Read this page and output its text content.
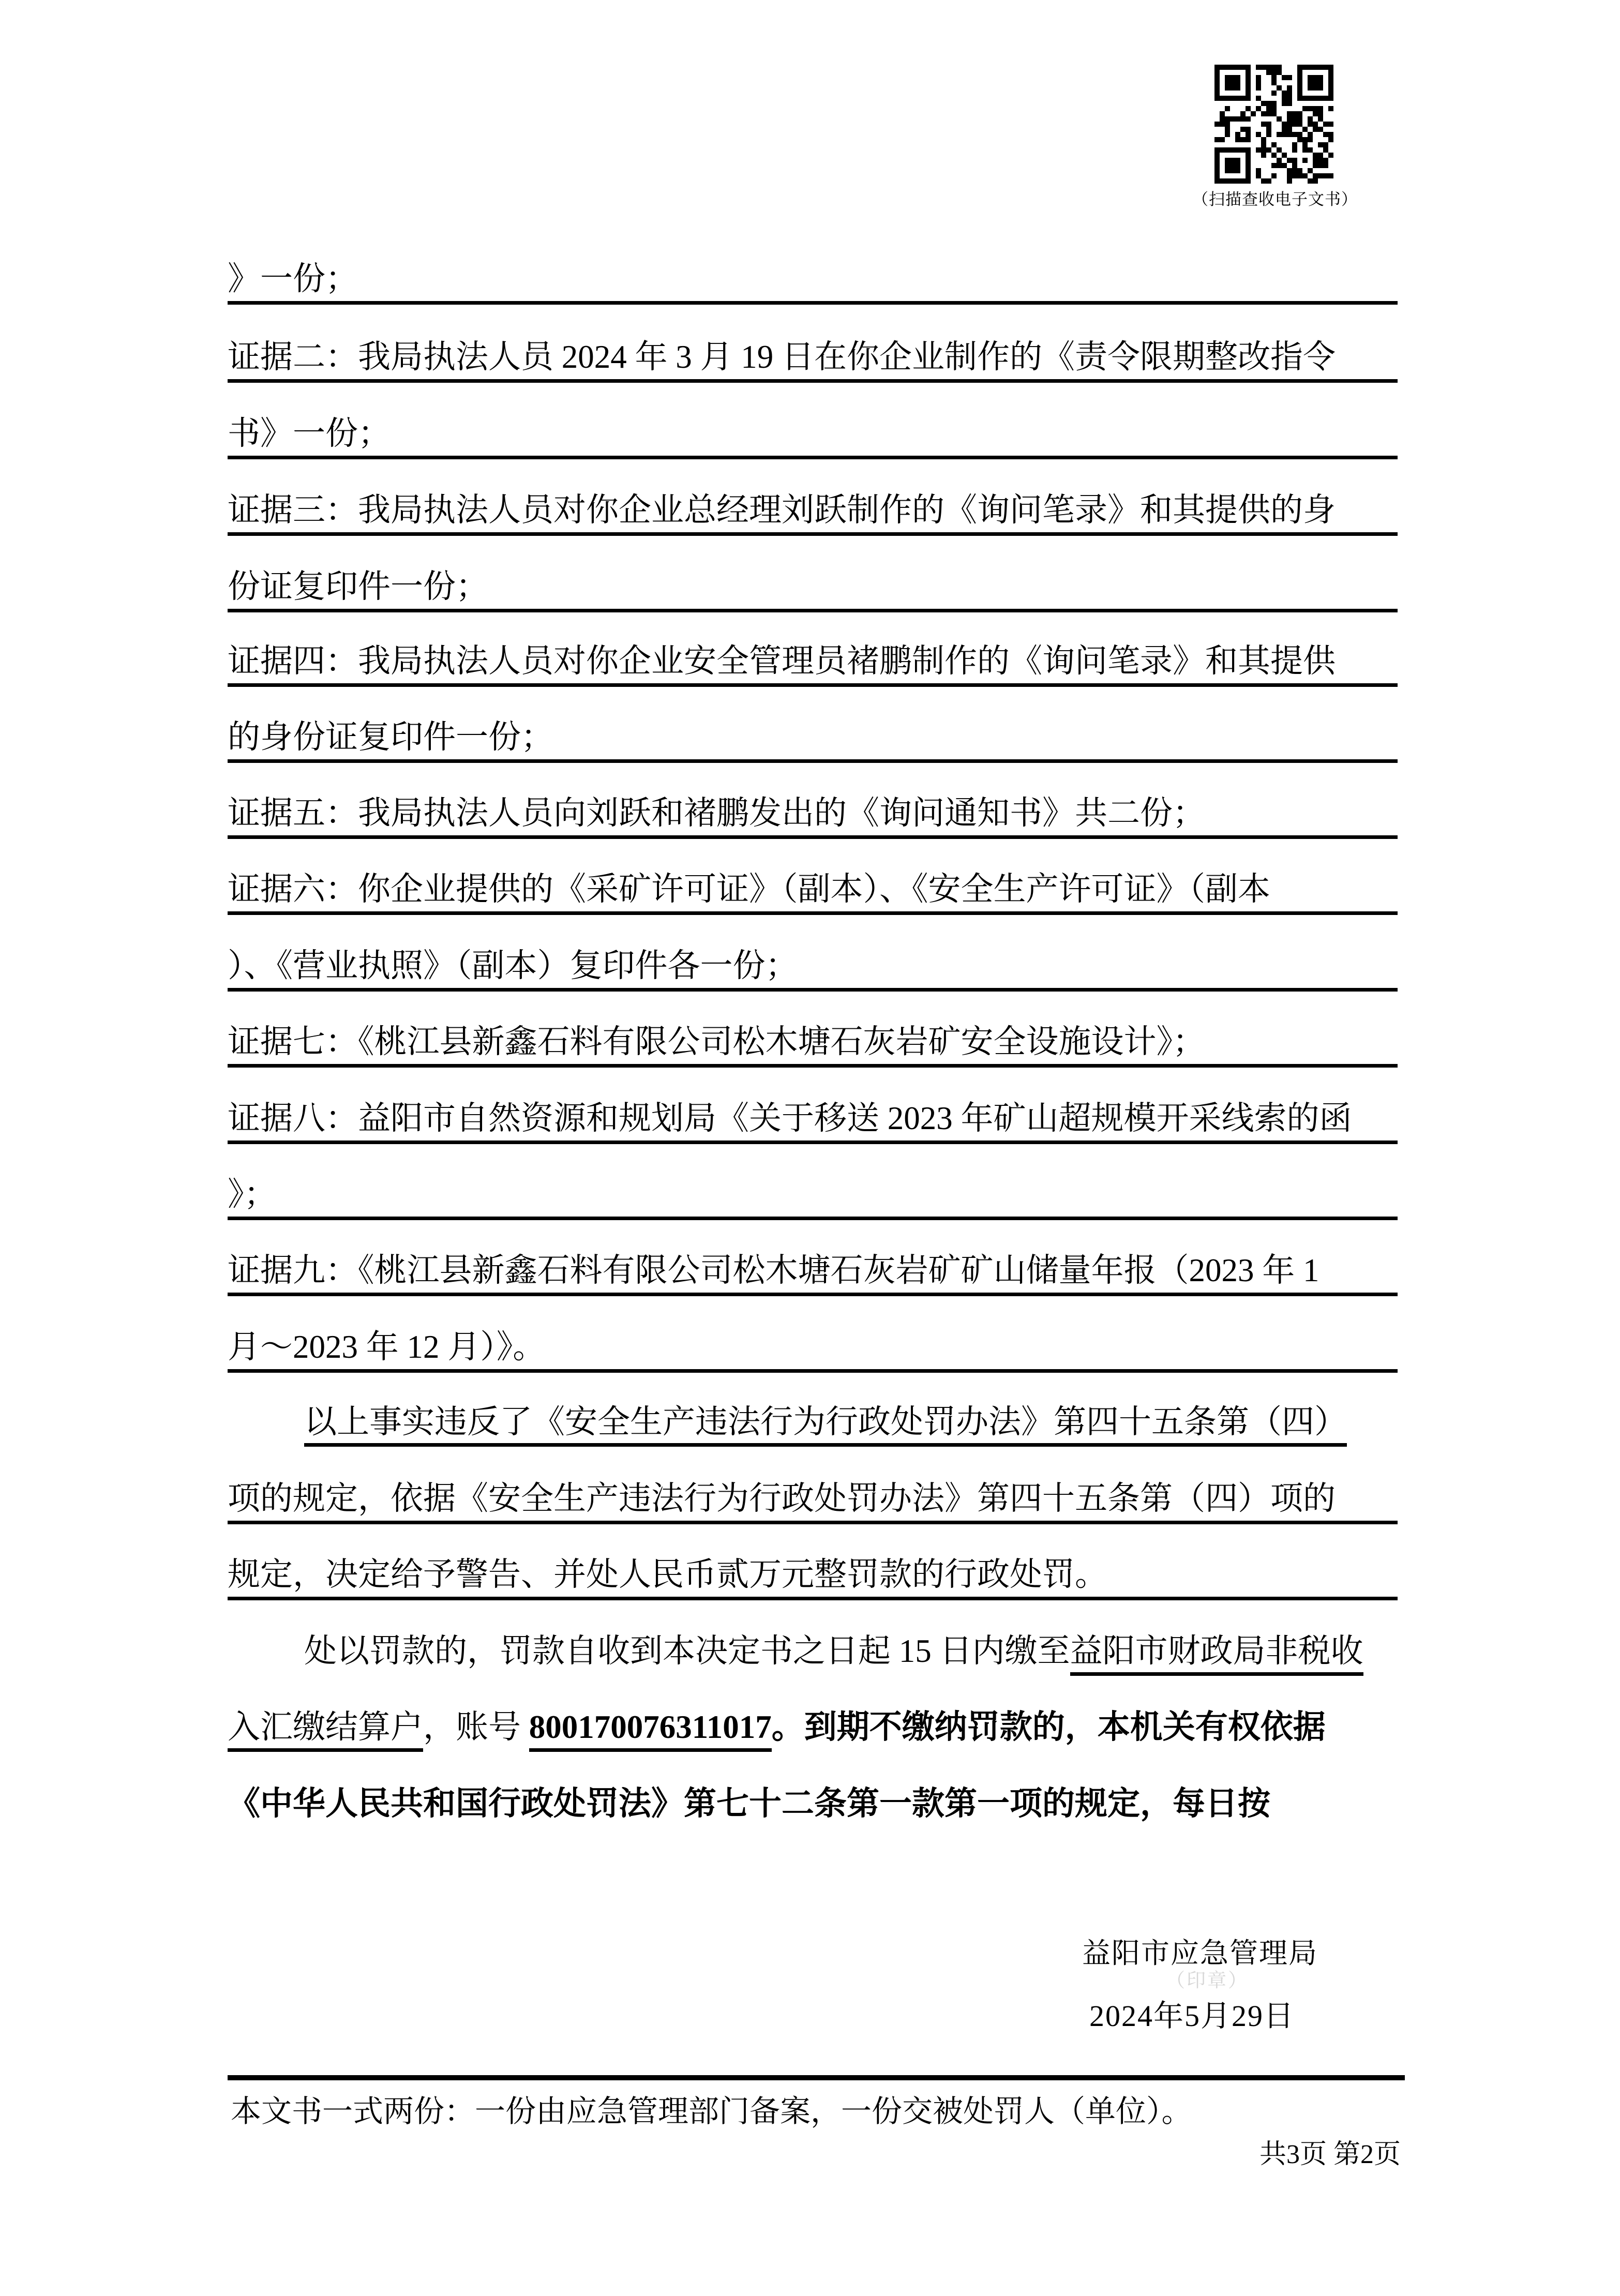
（扫描查收电子文书）
》一份；
证据二：我局执法人员 2024 年 3 月 19 日在你企业制作的《责令限期整改指令
书》一份；
证据三：我局执法人员对你企业总经理刘跃制作的《询问笔录》和其提供的身
份证复印件一份；
证据四：我局执法人员对你企业安全管理员褚鹏制作的《询问笔录》和其提供
的身份证复印件一份；
证据五：我局执法人员向刘跃和褚鹏发出的《询问通知书》共二份；
证据六：你企业提供的《采矿许可证》（副本）、《安全生产许可证》（副本
）、《营业执照》（副本）复印件各一份；
证据七：《桃江县新鑫石料有限公司松木塘石灰岩矿安全设施设计》；
证据八：益阳市自然资源和规划局《关于移送 2023 年矿山超规模开采线索的函
》；
证据九：《桃江县新鑫石料有限公司松木塘石灰岩矿矿山储量年报（2023 年 1
月～2023 年 12 月）》。
以上事实违反了《安全生产违法行为行政处罚办法》第四十五条第（四）
项的规定，依据《安全生产违法行为行政处罚办法》第四十五条第（四）项的
规定，决定给予警告、并处人民币贰万元整罚款的行政处罚。
处以罚款的，罚款自收到本决定书之日起 15 日内缴至益阳市财政局非税收
入汇缴结算户，账号 800170076311017。到期不缴纳罚款的，本机关有权依据
《中华人民共和国行政处罚法》第七十二条第一款第一项的规定，每日按
益阳市应急管理局
（印章）
2024年5月29日
本文书一式两份：一份由应急管理部门备案，一份交被处罚人（单位）。
共3页 第2页
